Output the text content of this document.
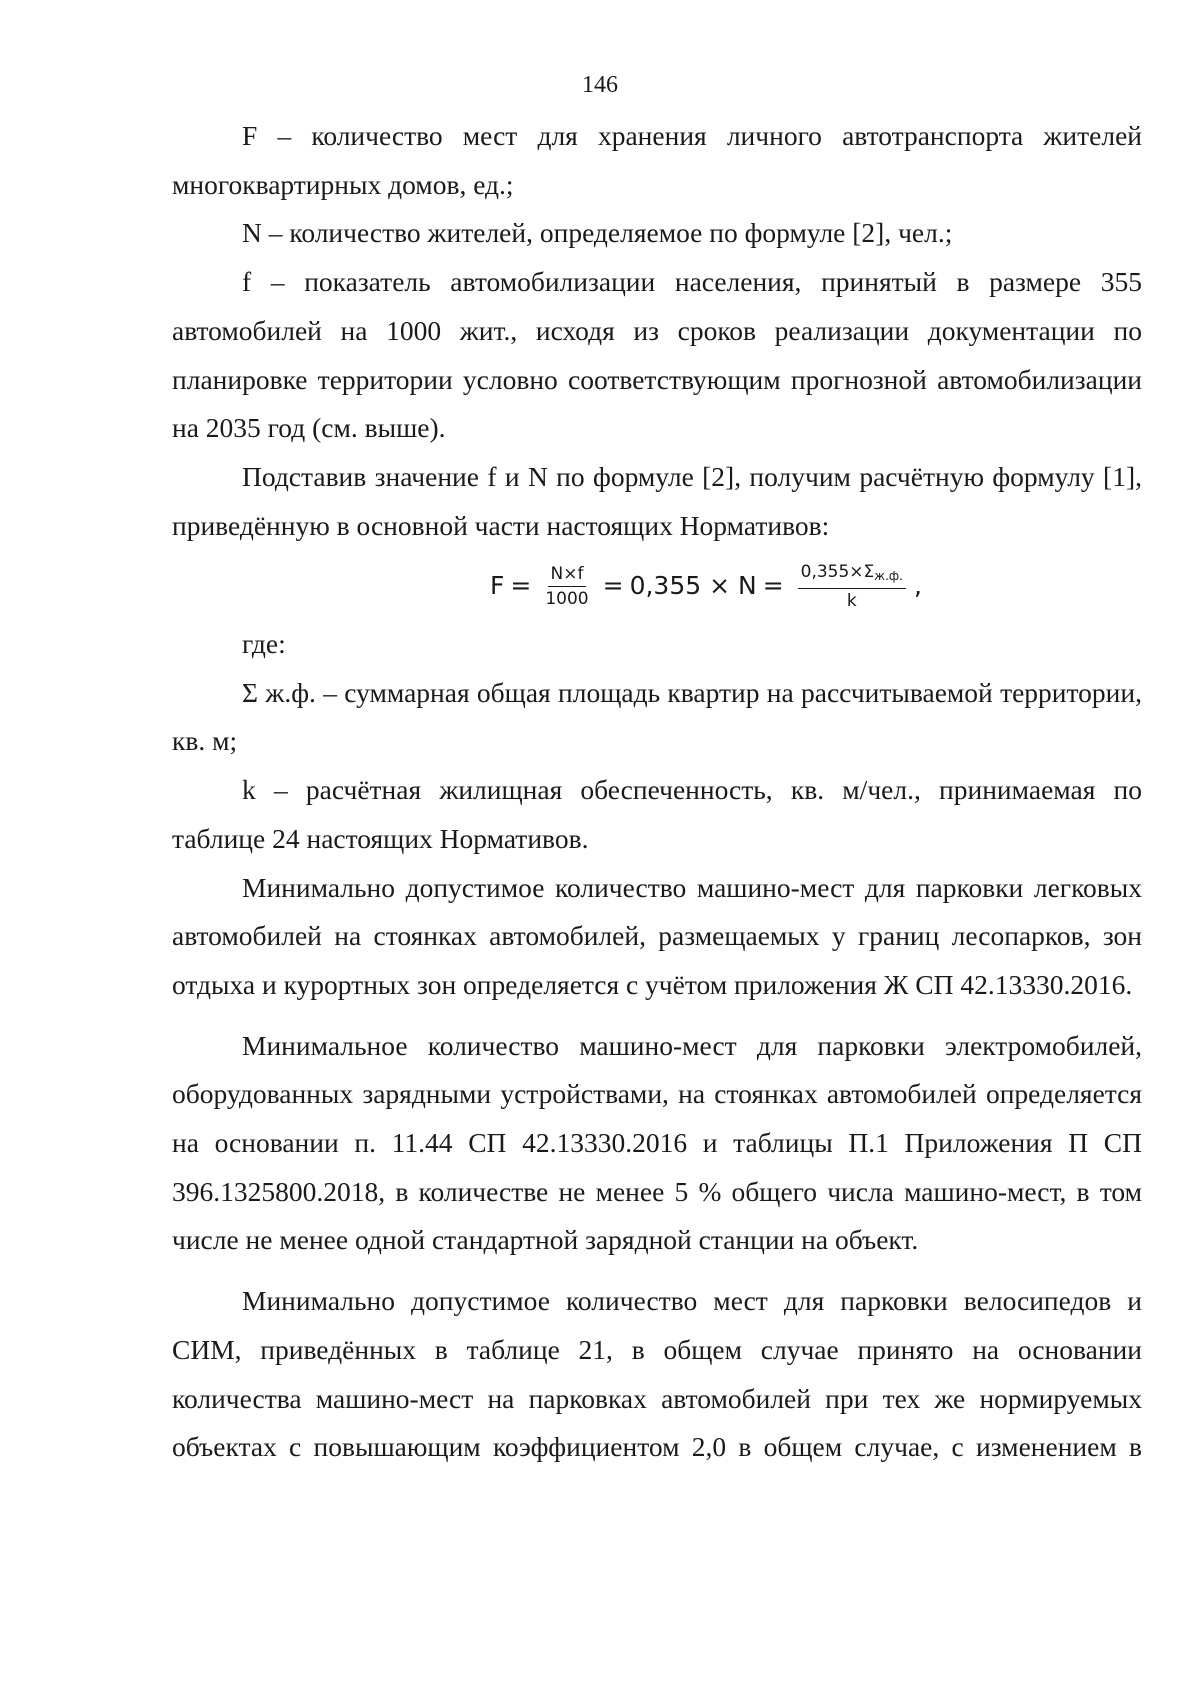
146

F – количество мест для хранения личного автотранспорта жителей многоквартирных домов, ед.;

N – количество жителей, определяемое по формуле [2], чел.;

f – показатель автомобилизации населения, принятый в размере 355 автомобилей на 1000 жит., исходя из сроков реализации документации по планировке территории условно соответствующим прогнозной автомобилизации на 2035 год (см. выше).

Подставив значение f и N по формуле [2], получим расчётную формулу [1], приведённую в основной части настоящих Нормативов:

$F = \frac{N\times f}{1000} = 0,355 \times N = \frac{0,355\times\Sigma_{ж.ф.}}{k}$ ,

где:

Σ ж.ф. – суммарная общая площадь квартир на рассчитываемой территории, кв. м;

k – расчётная жилищная обеспеченность, кв. м/чел., принимаемая по таблице 24 настоящих Нормативов.

Минимально допустимое количество машино-мест для парковки легковых автомобилей на стоянках автомобилей, размещаемых у границ лесопарков, зон отдыха и курортных зон определяется с учётом приложения Ж СП 42.13330.2016.

Минимальное количество машино-мест для парковки электромобилей, оборудованных зарядными устройствами, на стоянках автомобилей определяется на основании п. 11.44 СП 42.13330.2016 и таблицы П.1 Приложения П СП 396.1325800.2018, в количестве не менее 5 % общего числа машино-мест, в том числе не менее одной стандартной зарядной станции на объект.

Минимально допустимое количество мест для парковки велосипедов и СИМ, приведённых в таблице 21, в общем случае принято на основании количества машино-мест на парковках автомобилей при тех же нормируемых объектах с повышающим коэффициентом 2,0 в общем случае, с изменением в
